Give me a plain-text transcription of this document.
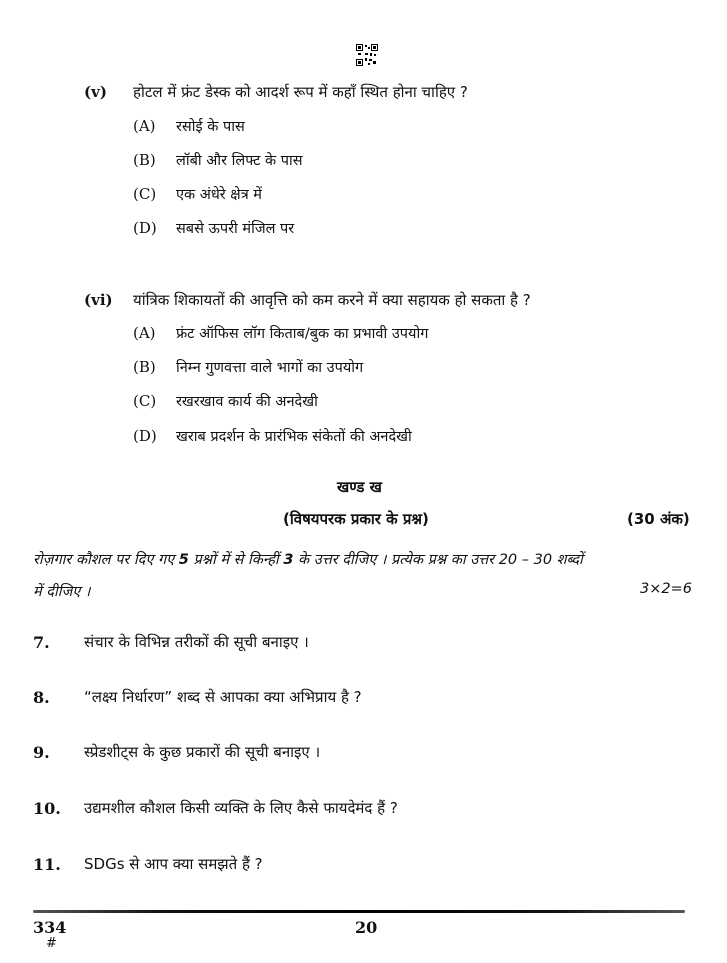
(v) होटल में फ्रंट डेस्क को आदर्श रूप में कहाँ स्थित होना चाहिए ?
(A) रसोई के पास
(B) लॉबी और लिफ्ट के पास
(C) एक अंधेरे क्षेत्र में
(D) सबसे ऊपरी मंजिल पर
(vi) यांत्रिक शिकायतों की आवृत्ति को कम करने में क्या सहायक हो सकता है ?
(A) फ्रंट ऑफिस लॉग किताब/बुक का प्रभावी उपयोग
(B) निम्न गुणवत्ता वाले भागों का उपयोग
(C) रखरखाव कार्य की अनदेखी
(D) खराब प्रदर्शन के प्रारंभिक संकेतों की अनदेखी
खण्ड ख
(विषयपरक प्रकार के प्रश्न)	(30 अंक)
रोज़गार कौशल पर दिए गए 5 प्रश्नों में से किन्हीं 3 के उत्तर दीजिए । प्रत्येक प्रश्न का उत्तर 20 – 30 शब्दों
में दीजिए ।	3×2=6
7. संचार के विभिन्न तरीकों की सूची बनाइए ।
8. “लक्ष्य निर्धारण” शब्द से आपका क्या अभिप्राय है ?
9. स्प्रेडशीट्स के कुछ प्रकारों की सूची बनाइए ।
10. उद्यमशील कौशल किसी व्यक्ति के लिए कैसे फायदेमंद हैं ?
11. SDGs से आप क्या समझते हैं ?
334
#
20
